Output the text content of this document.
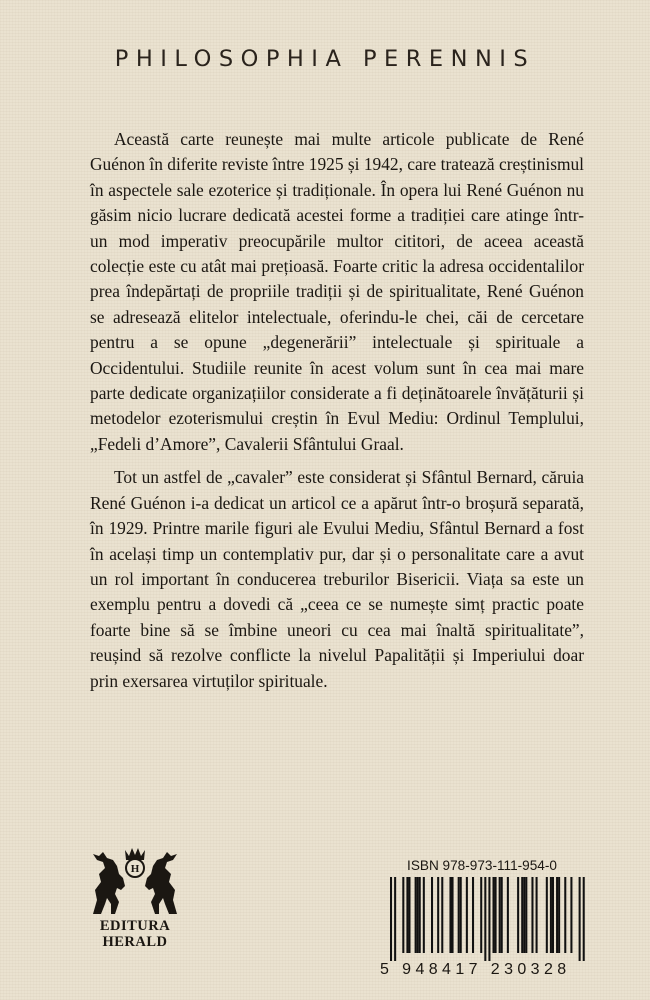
PHILOSOPHIA PERENNIS

Această carte reunește mai multe articole publicate de René Guénon în diferite reviste între 1925 și 1942, care tratează creștinismul în aspectele sale ezoterice și tradiționale. În opera lui René Guénon nu găsim nicio lucrare dedicată acestei forme a tradiției care atinge într-un mod imperativ preocupările multor cititori, de aceea această colecție este cu atât mai prețioasă. Foarte critic la adresa occidentalilor prea îndepărtați de propriile tradiții și de spiritualitate, René Guénon se adresează elitelor intelectuale, oferindu-le chei, căi de cercetare pentru a se opune „degenerării” intelectuale și spirituale a Occidentului. Studiile reunite în acest volum sunt în cea mai mare parte dedicate organizațiilor considerate a fi deținătoarele învățăturii și metodelor ezoterismului creștin în Evul Mediu: Ordinul Templului, „Fedeli d’Amore”, Cavalerii Sfântului Graal.

Tot un astfel de „cavaler” este considerat și Sfântul Bernard, căruia René Guénon i-a dedicat un articol ce a apărut într-o broșură separată, în 1929. Printre marile figuri ale Evului Mediu, Sfântul Bernard a fost în același timp un contemplativ pur, dar și o personalitate care a avut un rol important în conducerea treburilor Bisericii. Viața sa este un exemplu pentru a dovedi că „ceea ce se numește simț practic poate foarte bine să se îmbine uneori cu cea mai înaltă spiritualitate”, reușind să rezolve conflicte la nivelul Papalității și Imperiului doar prin exersarea virtuților spirituale.

H
EDITURA
HERALD
ISBN 978-973-111-954-0
5 948417 230328
